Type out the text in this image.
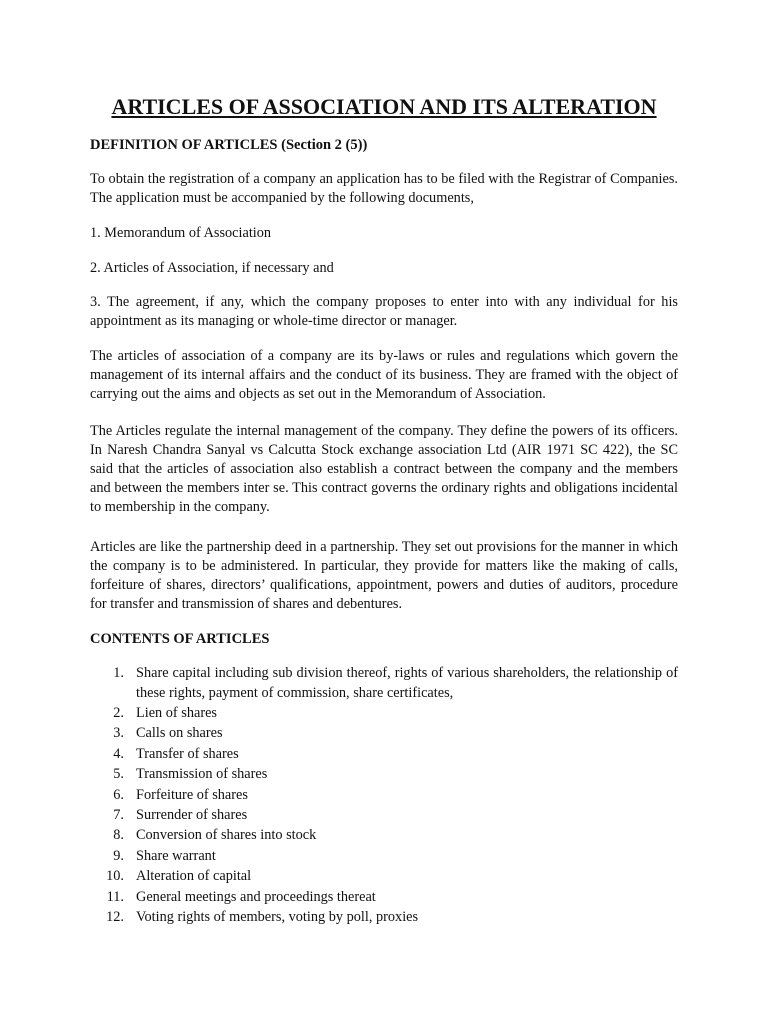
ARTICLES OF ASSOCIATION AND ITS ALTERATION
DEFINITION OF ARTICLES (Section 2 (5))

To obtain the registration of a company an application has to be filed with the Registrar of Companies. The application must be accompanied by the following documents,

1. Memorandum of Association

2. Articles of Association, if necessary and

3. The agreement, if any, which the company proposes to enter into with any individual for his appointment as its managing or whole-time director or manager.

The articles of association of a company are its by-laws or rules and regulations which govern the management of its internal affairs and the conduct of its business. They are framed with the object of carrying out the aims and objects as set out in the Memorandum of Association.

The Articles regulate the internal management of the company. They define the powers of its officers. In Naresh Chandra Sanyal vs Calcutta Stock exchange association Ltd (AIR 1971 SC 422), the SC said that the articles of association also establish a contract between the company and the members and between the members inter se. This contract governs the ordinary rights and obligations incidental to membership in the company.

Articles are like the partnership deed in a partnership. They set out provisions for the manner in which the company is to be administered. In particular, they provide for matters like the making of calls, forfeiture of shares, directors’ qualifications, appointment, powers and duties of auditors, procedure for transfer and transmission of shares and debentures.

CONTENTS OF ARTICLES
1. Share capital including sub division thereof, rights of various shareholders, the relationship of these rights, payment of commission, share certificates,
2. Lien of shares
3. Calls on shares
4. Transfer of shares
5. Transmission of shares
6. Forfeiture of shares
7. Surrender of shares
8. Conversion of shares into stock
9. Share warrant
10. Alteration of capital
11. General meetings and proceedings thereat
12. Voting rights of members, voting by poll, proxies
